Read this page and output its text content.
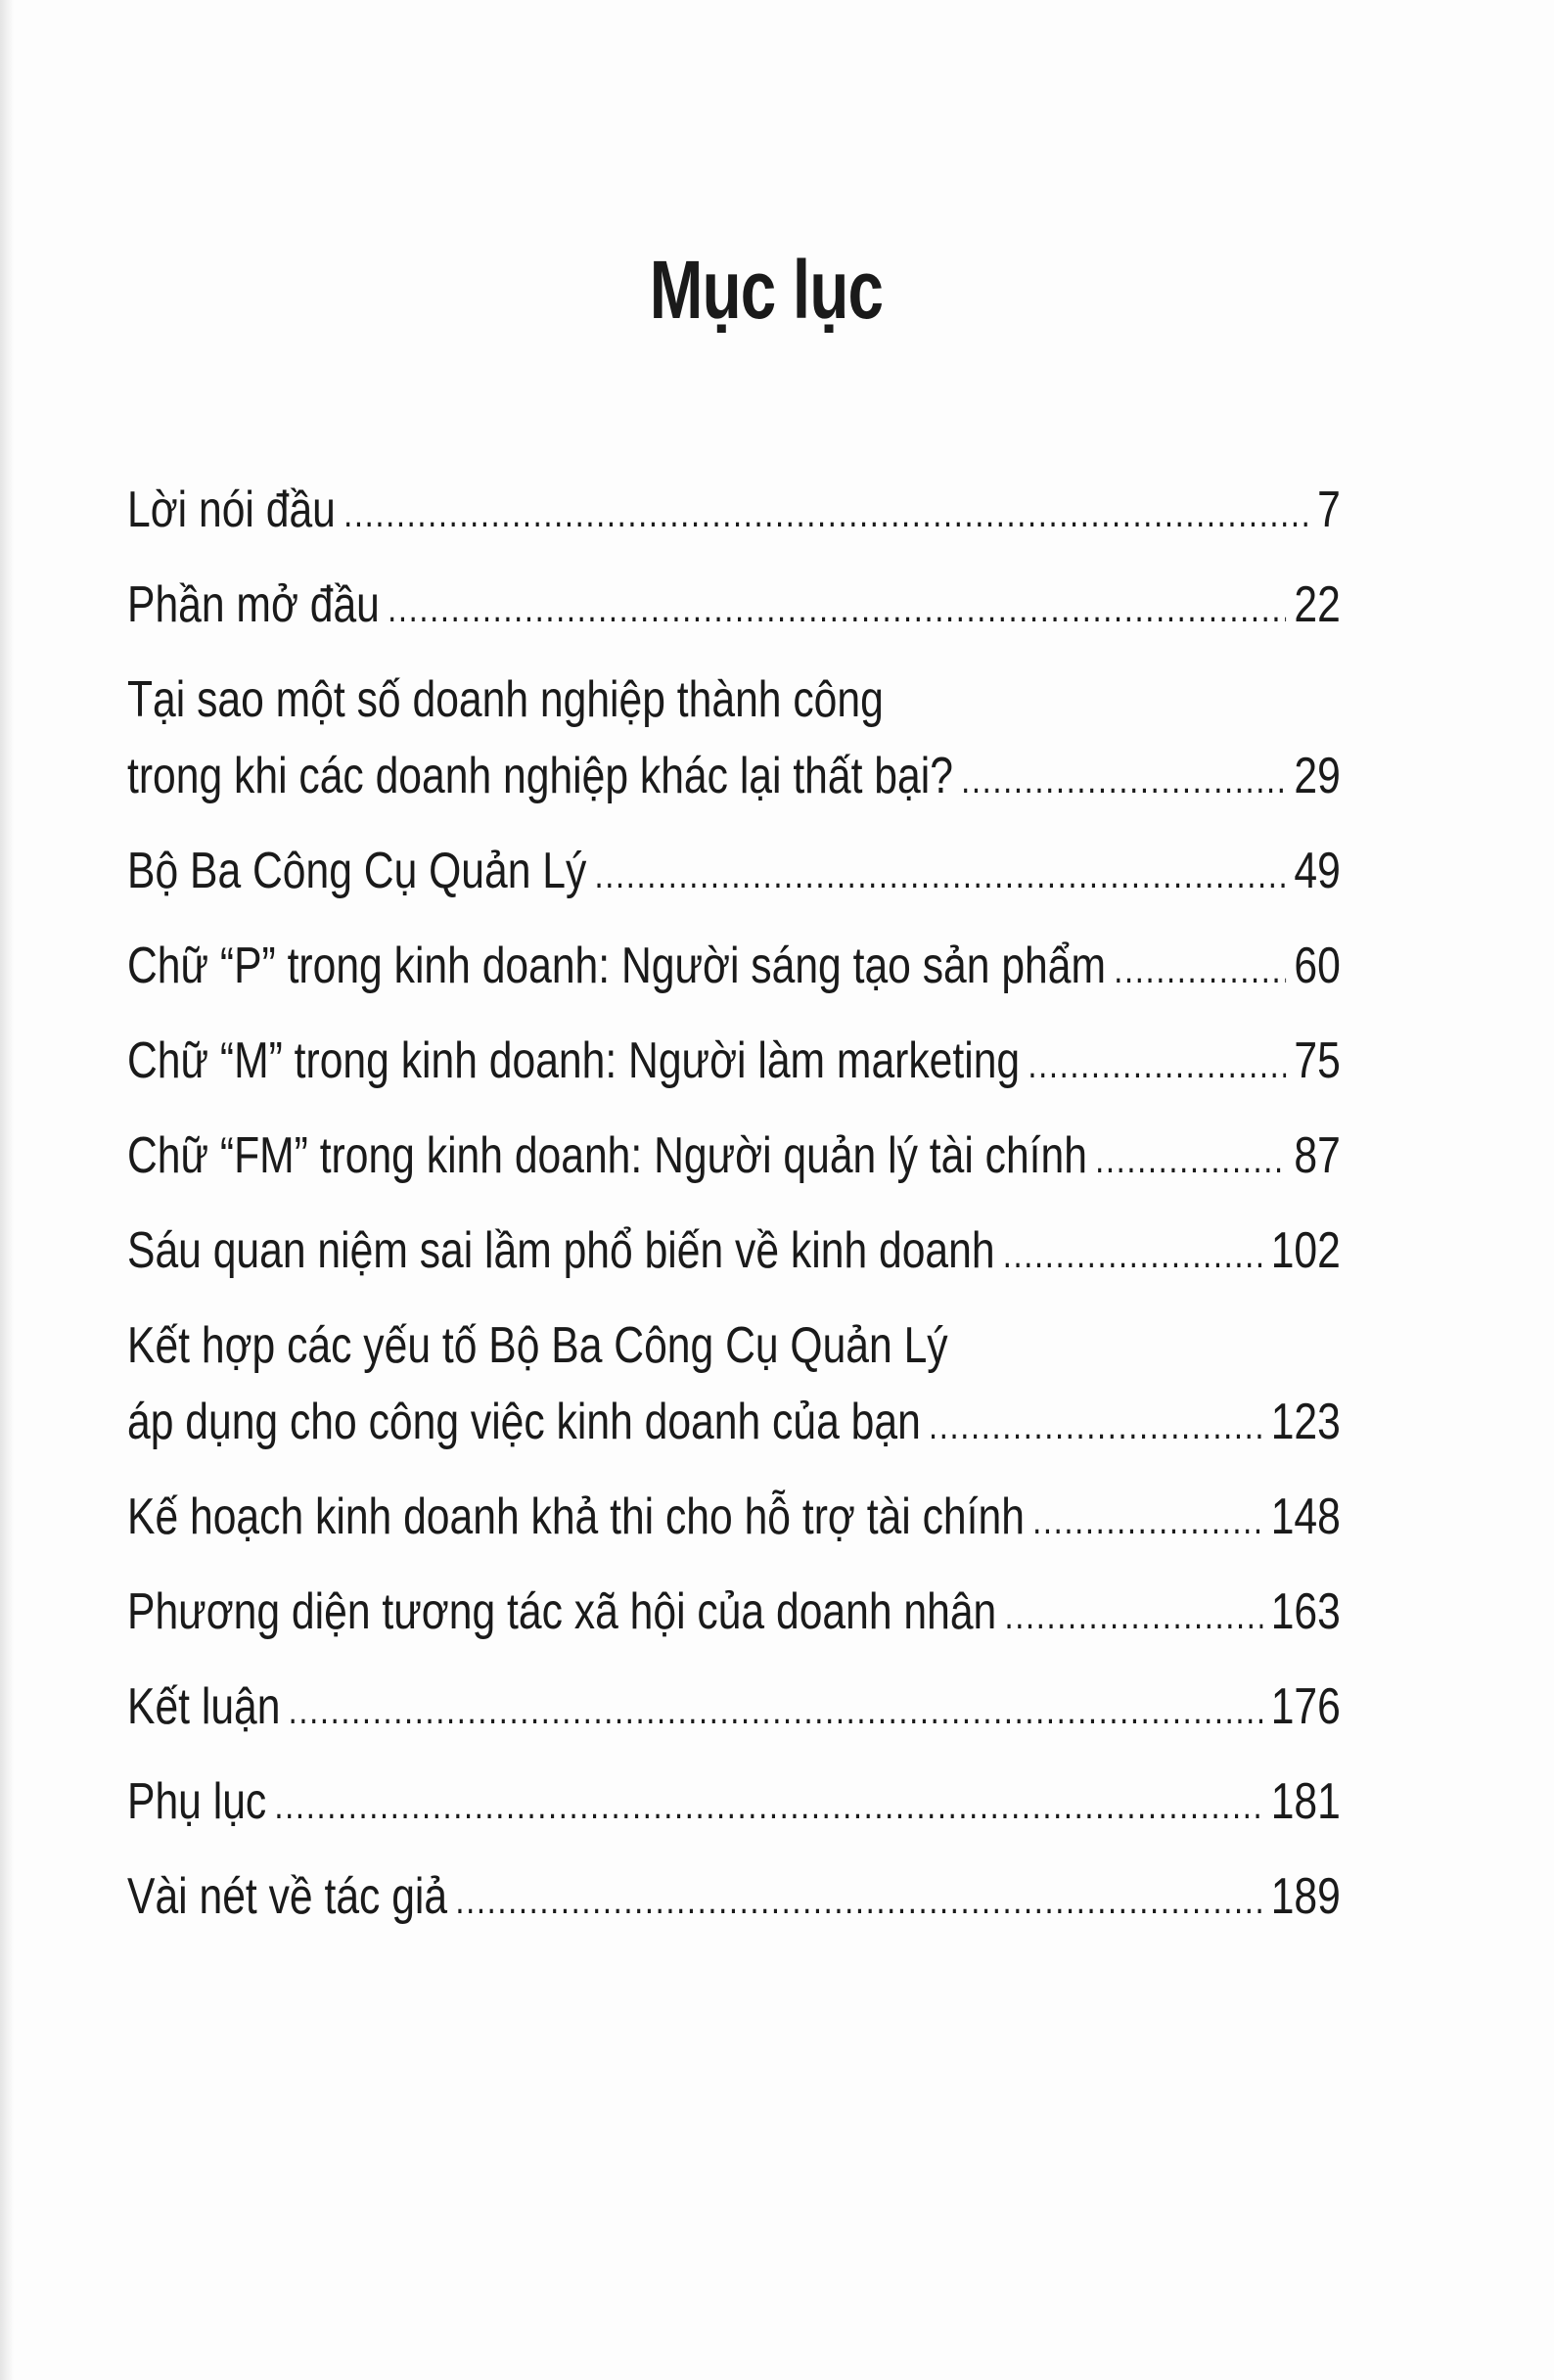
Mục lục
Lời nói đầu .....	7
Phần mở đầu .....	22
Tại sao một số doanh nghiệp thành công
trong khi các doanh nghiệp khác lại thất bại? .....	29
Bộ Ba Công Cụ Quản Lý .....	49
Chữ “P” trong kinh doanh: Người sáng tạo sản phẩm .....	60
Chữ “M” trong kinh doanh: Người làm marketing .....	75
Chữ “FM” trong kinh doanh: Người quản lý tài chính .....	87
Sáu quan niệm sai lầm phổ biến về kinh doanh .....	102
Kết hợp các yếu tố Bộ Ba Công Cụ Quản Lý
áp dụng cho công việc kinh doanh của bạn .....	123
Kế hoạch kinh doanh khả thi cho hỗ trợ tài chính .....	148
Phương diện tương tác xã hội của doanh nhân .....	163
Kết luận .....	176
Phụ lục .....	181
Vài nét về tác giả .....	189
